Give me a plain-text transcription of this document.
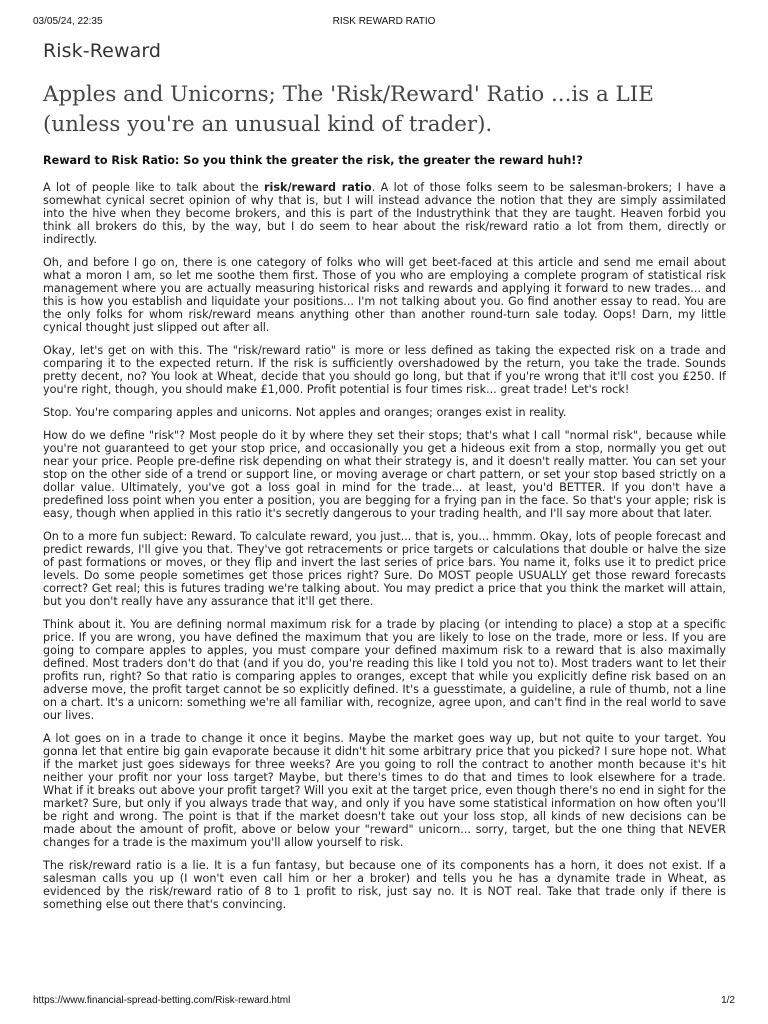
03/05/24, 22:35	RISK REWARD RATIO
Risk-Reward
Apples and Unicorns; The 'Risk/Reward' Ratio ...is a LIE (unless you're an unusual kind of trader).
Reward to Risk Ratio: So you think the greater the risk, the greater the reward huh!?

A lot of people like to talk about the risk/reward ratio. A lot of those folks seem to be salesman-brokers; I have a somewhat cynical secret opinion of why that is, but I will instead advance the notion that they are simply assimilated into the hive when they become brokers, and this is part of the Industrythink that they are taught. Heaven forbid you think all brokers do this, by the way, but I do seem to hear about the risk/reward ratio a lot from them, directly or indirectly.

Oh, and before I go on, there is one category of folks who will get beet-faced at this article and send me email about what a moron I am, so let me soothe them first. Those of you who are employing a complete program of statistical risk management where you are actually measuring historical risks and rewards and applying it forward to new trades... and this is how you establish and liquidate your positions... I'm not talking about you. Go find another essay to read. You are the only folks for whom risk/reward means anything other than another round-turn sale today. Oops! Darn, my little cynical thought just slipped out after all.

Okay, let's get on with this. The "risk/reward ratio" is more or less defined as taking the expected risk on a trade and comparing it to the expected return. If the risk is sufficiently overshadowed by the return, you take the trade. Sounds pretty decent, no? You look at Wheat, decide that you should go long, but that if you're wrong that it'll cost you £250. If you're right, though, you should make £1,000. Profit potential is four times risk... great trade! Let's rock!

Stop. You're comparing apples and unicorns. Not apples and oranges; oranges exist in reality.

How do we define "risk"? Most people do it by where they set their stops; that's what I call "normal risk", because while you're not guaranteed to get your stop price, and occasionally you get a hideous exit from a stop, normally you get out near your price. People pre-define risk depending on what their strategy is, and it doesn't really matter. You can set your stop on the other side of a trend or support line, or moving average or chart pattern, or set your stop based strictly on a dollar value. Ultimately, you've got a loss goal in mind for the trade... at least, you'd BETTER. If you don't have a predefined loss point when you enter a position, you are begging for a frying pan in the face. So that's your apple; risk is easy, though when applied in this ratio it's secretly dangerous to your trading health, and I'll say more about that later.

On to a more fun subject: Reward. To calculate reward, you just... that is, you... hmmm. Okay, lots of people forecast and predict rewards, I'll give you that. They've got retracements or price targets or calculations that double or halve the size of past formations or moves, or they flip and invert the last series of price bars. You name it, folks use it to predict price levels. Do some people sometimes get those prices right? Sure. Do MOST people USUALLY get those reward forecasts correct? Get real; this is futures trading we're talking about. You may predict a price that you think the market will attain, but you don't really have any assurance that it'll get there.

Think about it. You are defining normal maximum risk for a trade by placing (or intending to place) a stop at a specific price. If you are wrong, you have defined the maximum that you are likely to lose on the trade, more or less. If you are going to compare apples to apples, you must compare your defined maximum risk to a reward that is also maximally defined. Most traders don't do that (and if you do, you're reading this like I told you not to). Most traders want to let their profits run, right? So that ratio is comparing apples to oranges, except that while you explicitly define risk based on an adverse move, the profit target cannot be so explicitly defined. It's a guesstimate, a guideline, a rule of thumb, not a line on a chart. It's a unicorn: something we're all familiar with, recognize, agree upon, and can't find in the real world to save our lives.

A lot goes on in a trade to change it once it begins. Maybe the market goes way up, but not quite to your target. You gonna let that entire big gain evaporate because it didn't hit some arbitrary price that you picked? I sure hope not. What if the market just goes sideways for three weeks? Are you going to roll the contract to another month because it's hit neither your profit nor your loss target? Maybe, but there's times to do that and times to look elsewhere for a trade. What if it breaks out above your profit target? Will you exit at the target price, even though there's no end in sight for the market? Sure, but only if you always trade that way, and only if you have some statistical information on how often you'll be right and wrong. The point is that if the market doesn't take out your loss stop, all kinds of new decisions can be made about the amount of profit, above or below your "reward" unicorn... sorry, target, but the one thing that NEVER changes for a trade is the maximum you'll allow yourself to risk.

The risk/reward ratio is a lie. It is a fun fantasy, but because one of its components has a horn, it does not exist. If a salesman calls you up (I won't even call him or her a broker) and tells you he has a dynamite trade in Wheat, as evidenced by the risk/reward ratio of 8 to 1 profit to risk, just say no. It is NOT real. Take that trade only if there is something else out there that's convincing.

https://www.financial-spread-betting.com/Risk-reward.html	1/2
